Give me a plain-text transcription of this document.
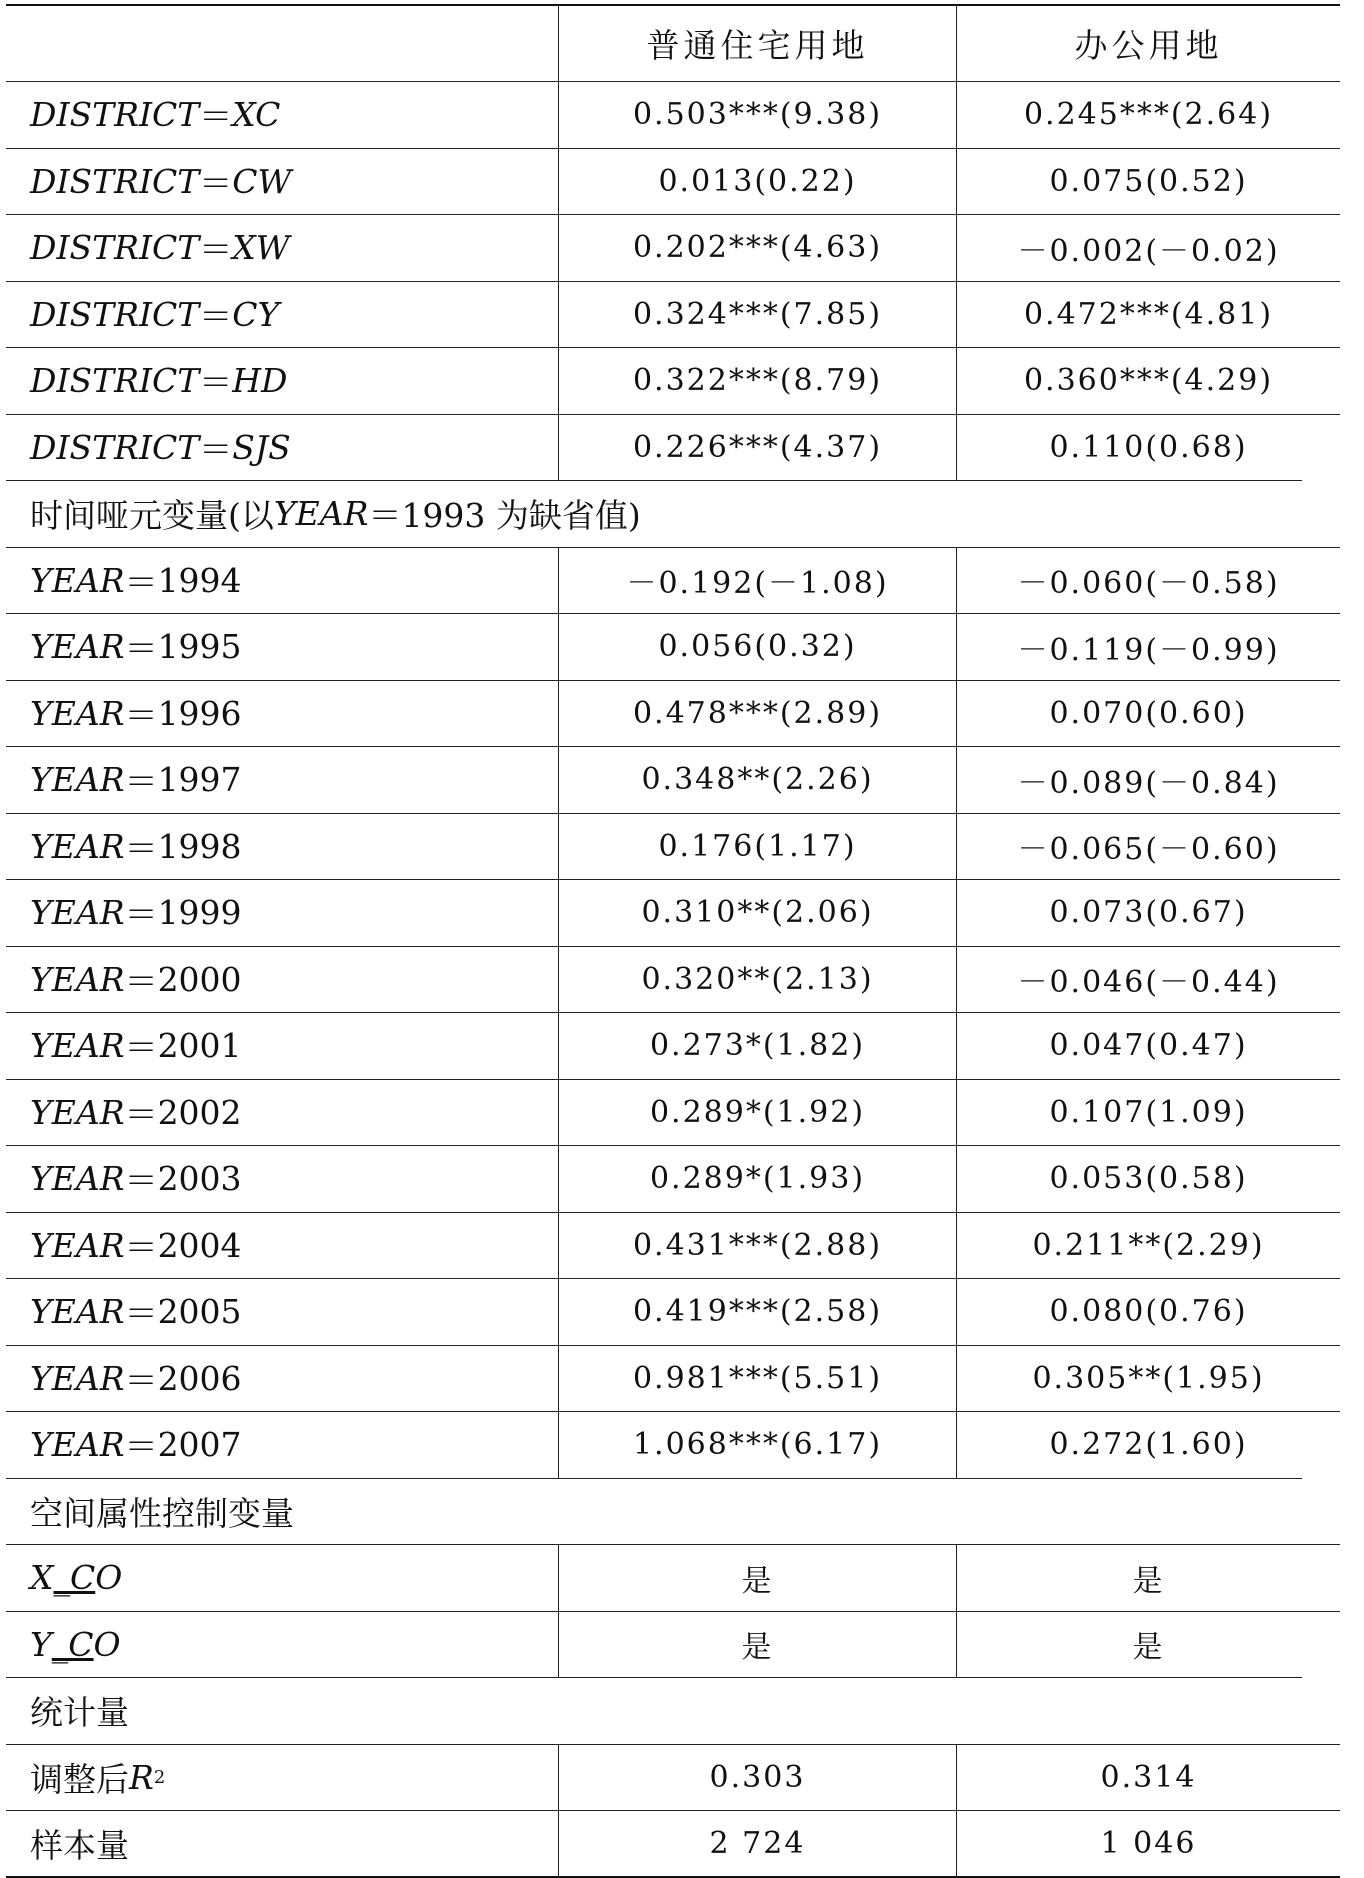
普通住宅用地	办公用地
DISTRICT ＝ XC	0.503***(9.38)	0.245***(2.64)
DISTRICT ＝ CW	0.013(0.22)	0.075(0.52)
DISTRICT ＝ XW	0.202***(4.63)	－0.002(－0.02)
DISTRICT ＝ CY	0.324***(7.85)	0.472***(4.81)
DISTRICT ＝ HD	0.322***(8.79)	0.360***(4.29)
DISTRICT ＝ SJS	0.226***(4.37)	0.110(0.68)
时间哑元变量(以 YEAR ＝1993 为缺省值)
YEAR ＝ 1994	－0.192(－1.08)	－0.060(－0.58)
YEAR ＝ 1995	0.056(0.32)	－0.119(－0.99)
YEAR ＝ 1996	0.478***(2.89)	0.070(0.60)
YEAR ＝ 1997	0.348**(2.26)	－0.089(－0.84)
YEAR ＝ 1998	0.176(1.17)	－0.065(－0.60)
YEAR ＝ 1999	0.310**(2.06)	0.073(0.67)
YEAR ＝ 2000	0.320**(2.13)	－0.046(－0.44)
YEAR ＝ 2001	0.273*(1.82)	0.047(0.47)
YEAR ＝ 2002	0.289*(1.92)	0.107(1.09)
YEAR ＝ 2003	0.289*(1.93)	0.053(0.58)
YEAR ＝ 2004	0.431***(2.88)	0.211**(2.29)
YEAR ＝ 2005	0.419***(2.58)	0.080(0.76)
YEAR ＝ 2006	0.981***(5.51)	0.305**(1.95)
YEAR ＝ 2007	1.068***(6.17)	0.272(1.60)
空间属性控制变量
X _C O	是	是
Y _C O	是	是
统计量
调整后 R 2	0.303	0.314
样本量	2 724	1 046
